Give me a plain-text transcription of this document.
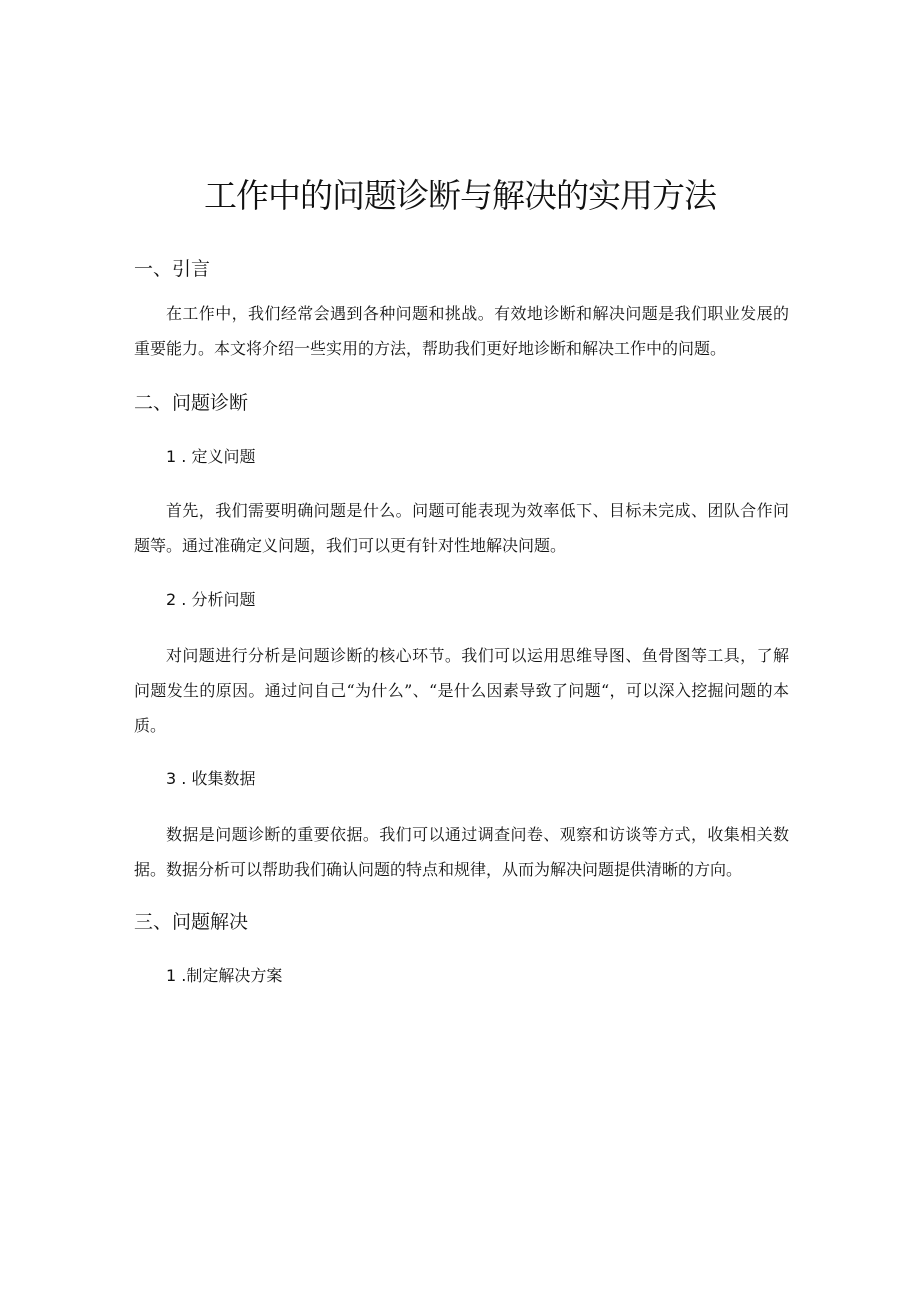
工作中的问题诊断与解决的实用方法
一、引言

在工作中，我们经常会遇到各种问题和挑战。有效地诊断和解决问题是我们职业发展的重要能力。本文将介绍一些实用的方法，帮助我们更好地诊断和解决工作中的问题。

二、问题诊断
1 . 定义问题

首先，我们需要明确问题是什么。问题可能表现为效率低下、目标未完成、团队合作问题等。通过准确定义问题，我们可以更有针对性地解决问题。

2 . 分析问题

对问题进行分析是问题诊断的核心环节。我们可以运用思维导图、鱼骨图等工具，了解问题发生的原因。通过问自己“为什么”、“是什么因素导致了问题“，可以深入挖掘问题的本质。

3 . 收集数据

数据是问题诊断的重要依据。我们可以通过调查问卷、观察和访谈等方式，收集相关数据。数据分析可以帮助我们确认问题的特点和规律，从而为解决问题提供清晰的方向。

三、问题解决
1 .制定解决方案
